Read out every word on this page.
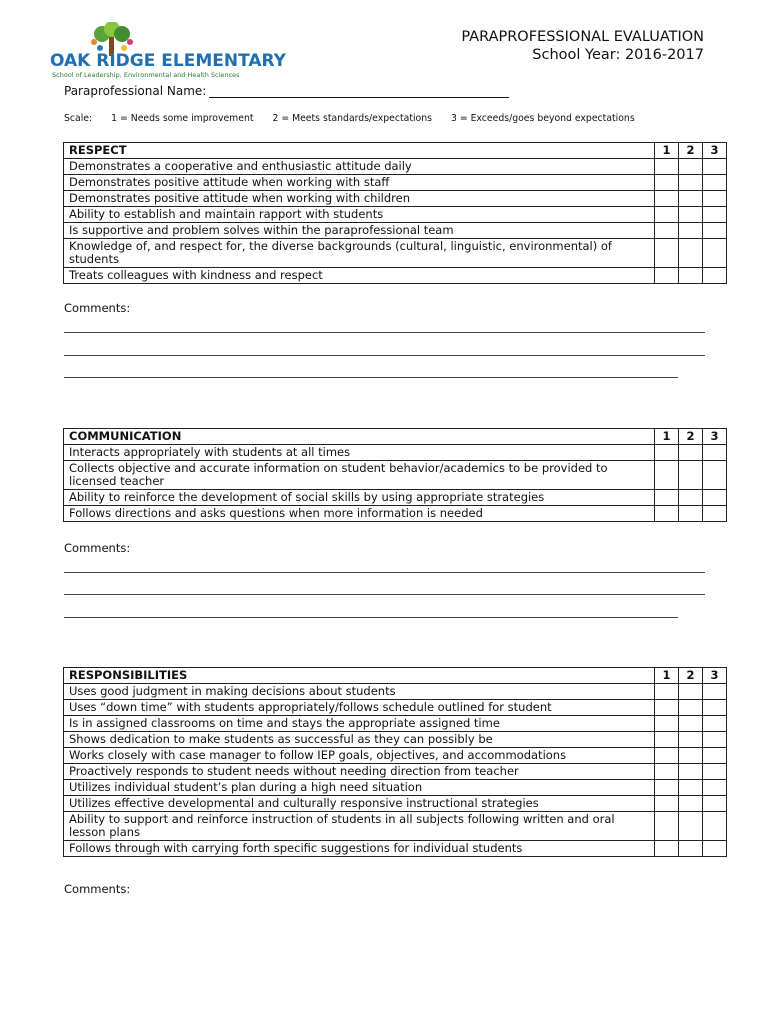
OAK RIDGE ELEMENTARY
School of Leadership, Environmental and Health Sciences
PARAPROFESSIONAL EVALUATION
School Year: 2016-2017
Paraprofessional Name:
Scale: 1 = Needs some improvement 2 = Meets standards/expectations 3 = Exceeds/goes beyond expectations
RESPECT	1	2	3
Demonstrates a cooperative and enthusiastic attitude daily			
Demonstrates positive attitude when working with staff			
Demonstrates positive attitude when working with children			
Ability to establish and maintain rapport with students			
Is supportive and problem solves within the paraprofessional team			
Knowledge of, and respect for, the diverse backgrounds (cultural, linguistic, environmental) of students			
Treats colleagues with kindness and respect			
Comments:
COMMUNICATION	1	2	3
Interacts appropriately with students at all times			
Collects objective and accurate information on student behavior/academics to be provided to licensed teacher			
Ability to reinforce the development of social skills by using appropriate strategies			
Follows directions and asks questions when more information is needed			
Comments:
RESPONSIBILITIES	1	2	3
Uses good judgment in making decisions about students			
Uses “down time” with students appropriately/follows schedule outlined for student			
Is in assigned classrooms on time and stays the appropriate assigned time			
Shows dedication to make students as successful as they can possibly be			
Works closely with case manager to follow IEP goals, objectives, and accommodations			
Proactively responds to student needs without needing direction from teacher			
Utilizes individual student’s plan during a high need situation			
Utilizes effective developmental and culturally responsive instructional strategies			
Ability to support and reinforce instruction of students in all subjects following written and oral lesson plans			
Follows through with carrying forth specific suggestions for individual students			
Comments:
